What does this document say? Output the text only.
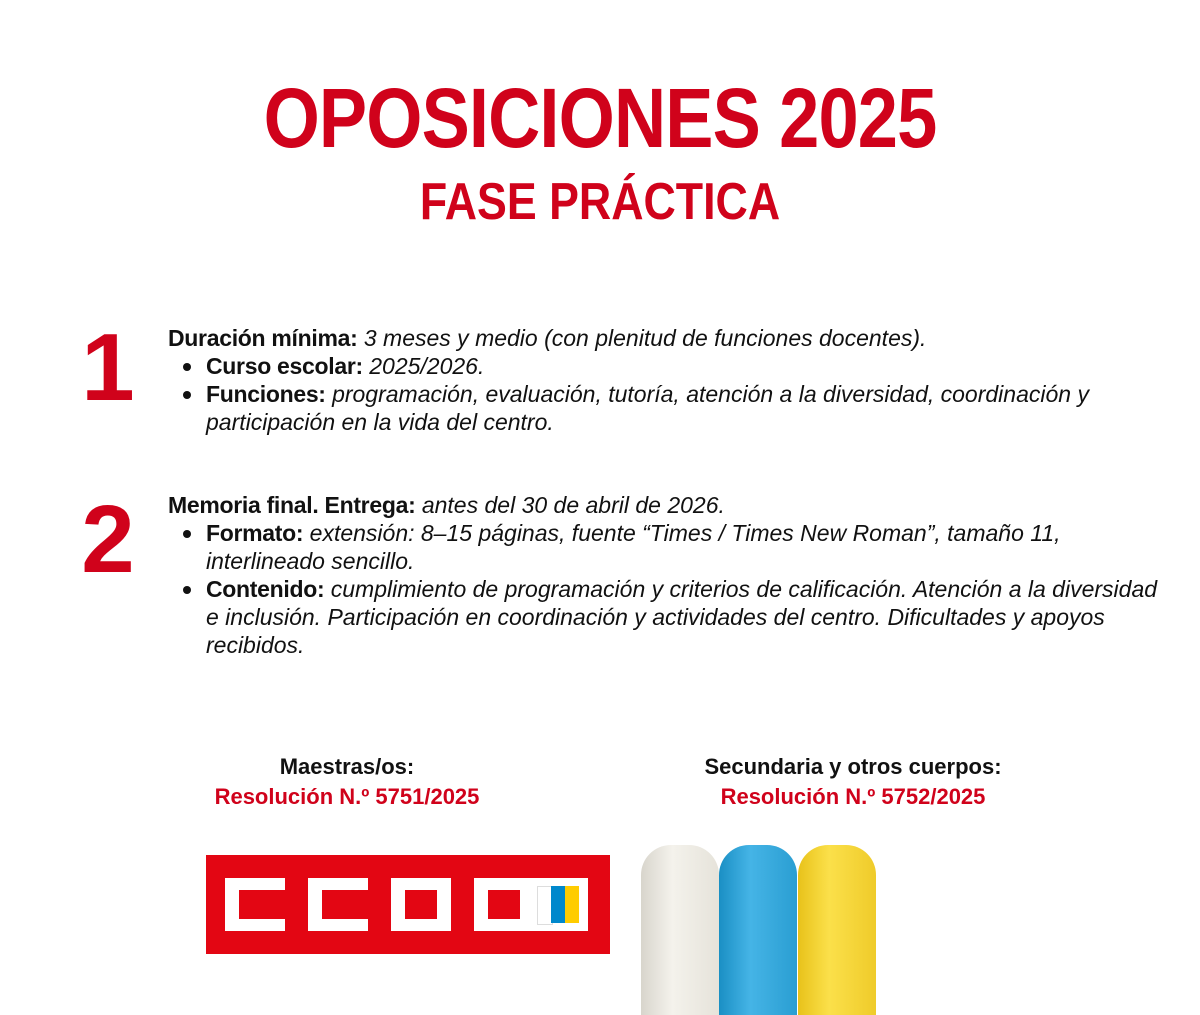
OPOSICIONES 2025
FASE PRÁCTICA
1 Duración mínima: 3 meses y medio (con plenitud de funciones docentes).
Curso escolar: 2025/2026.
Funciones: programación, evaluación, tutoría, atención a la diversidad, coordinación y participación en la vida del centro.
2 Memoria final. Entrega: antes del 30 de abril de 2026.
Formato: extensión: 8–15 páginas, fuente “Times / Times New Roman”, tamaño 11, interlineado sencillo.
Contenido: cumplimiento de programación y criterios de calificación. Atención a la diversidad e inclusión. Participación en coordinación y actividades del centro. Dificultades y apoyos recibidos.
Maestras/os:
Resolución N.º 5751/2025
Secundaria y otros cuerpos:
Resolución N.º 5752/2025
